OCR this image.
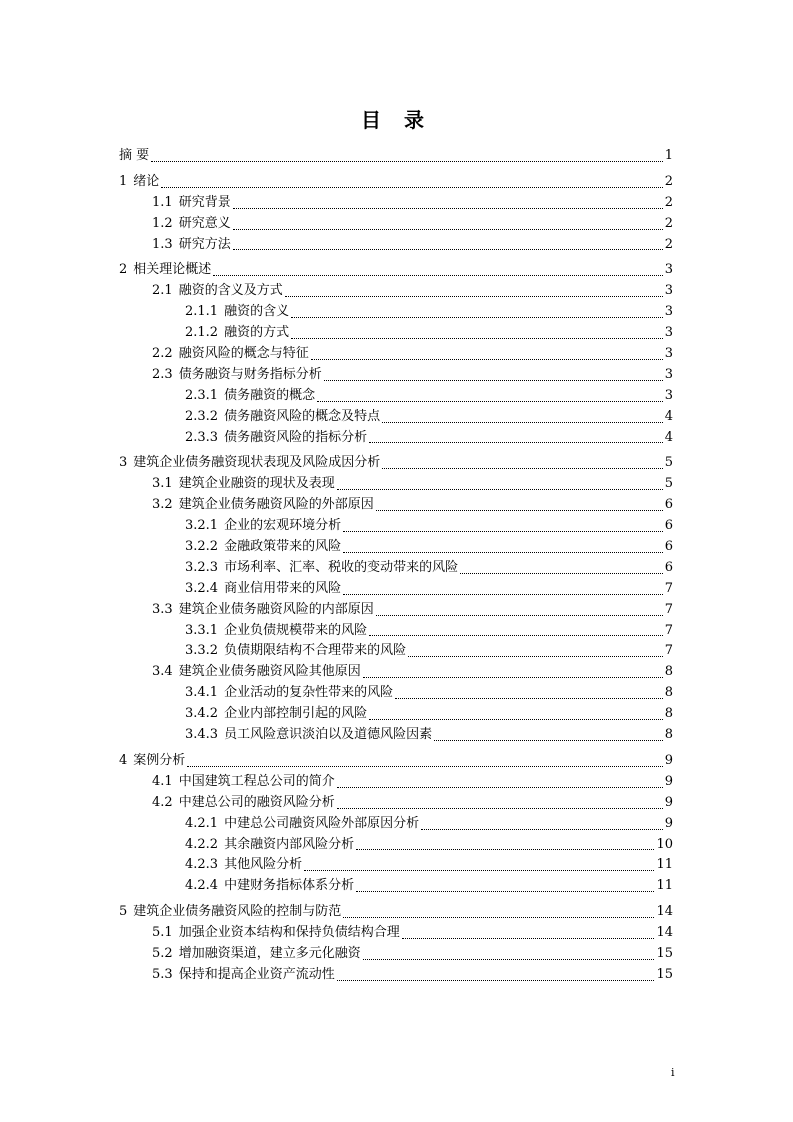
目 录
摘 要	1
1 绪论	2
1.1 研究背景	2
1.2 研究意义	2
1.3 研究方法	2
2 相关理论概述	3
2.1 融资的含义及方式	3
2.1.1 融资的含义	3
2.1.2 融资的方式	3
2.2 融资风险的概念与特征	3
2.3 债务融资与财务指标分析	3
2.3.1 债务融资的概念	3
2.3.2 债务融资风险的概念及特点	4
2.3.3 债务融资风险的指标分析	4
3 建筑企业债务融资现状表现及风险成因分析	5
3.1 建筑企业融资的现状及表现	5
3.2 建筑企业债务融资风险的外部原因	6
3.2.1 企业的宏观环境分析	6
3.2.2 金融政策带来的风险	6
3.2.3 市场利率、汇率、税收的变动带来的风险	6
3.2.4 商业信用带来的风险	7
3.3 建筑企业债务融资风险的内部原因	7
3.3.1 企业负债规模带来的风险	7
3.3.2 负债期限结构不合理带来的风险	7
3.4 建筑企业债务融资风险其他原因	8
3.4.1 企业活动的复杂性带来的风险	8
3.4.2 企业内部控制引起的风险	8
3.4.3 员工风险意识淡泊以及道德风险因素	8
4 案例分析	9
4.1 中国建筑工程总公司的简介	9
4.2 中建总公司的融资风险分析	9
4.2.1 中建总公司融资风险外部原因分析	9
4.2.2 其余融资内部风险分析	10
4.2.3 其他风险分析	11
4.2.4 中建财务指标体系分析	11
5 建筑企业债务融资风险的控制与防范	14
5.1 加强企业资本结构和保持负债结构合理	14
5.2 增加融资渠道，建立多元化融资	15
5.3 保持和提高企业资产流动性	15
i
